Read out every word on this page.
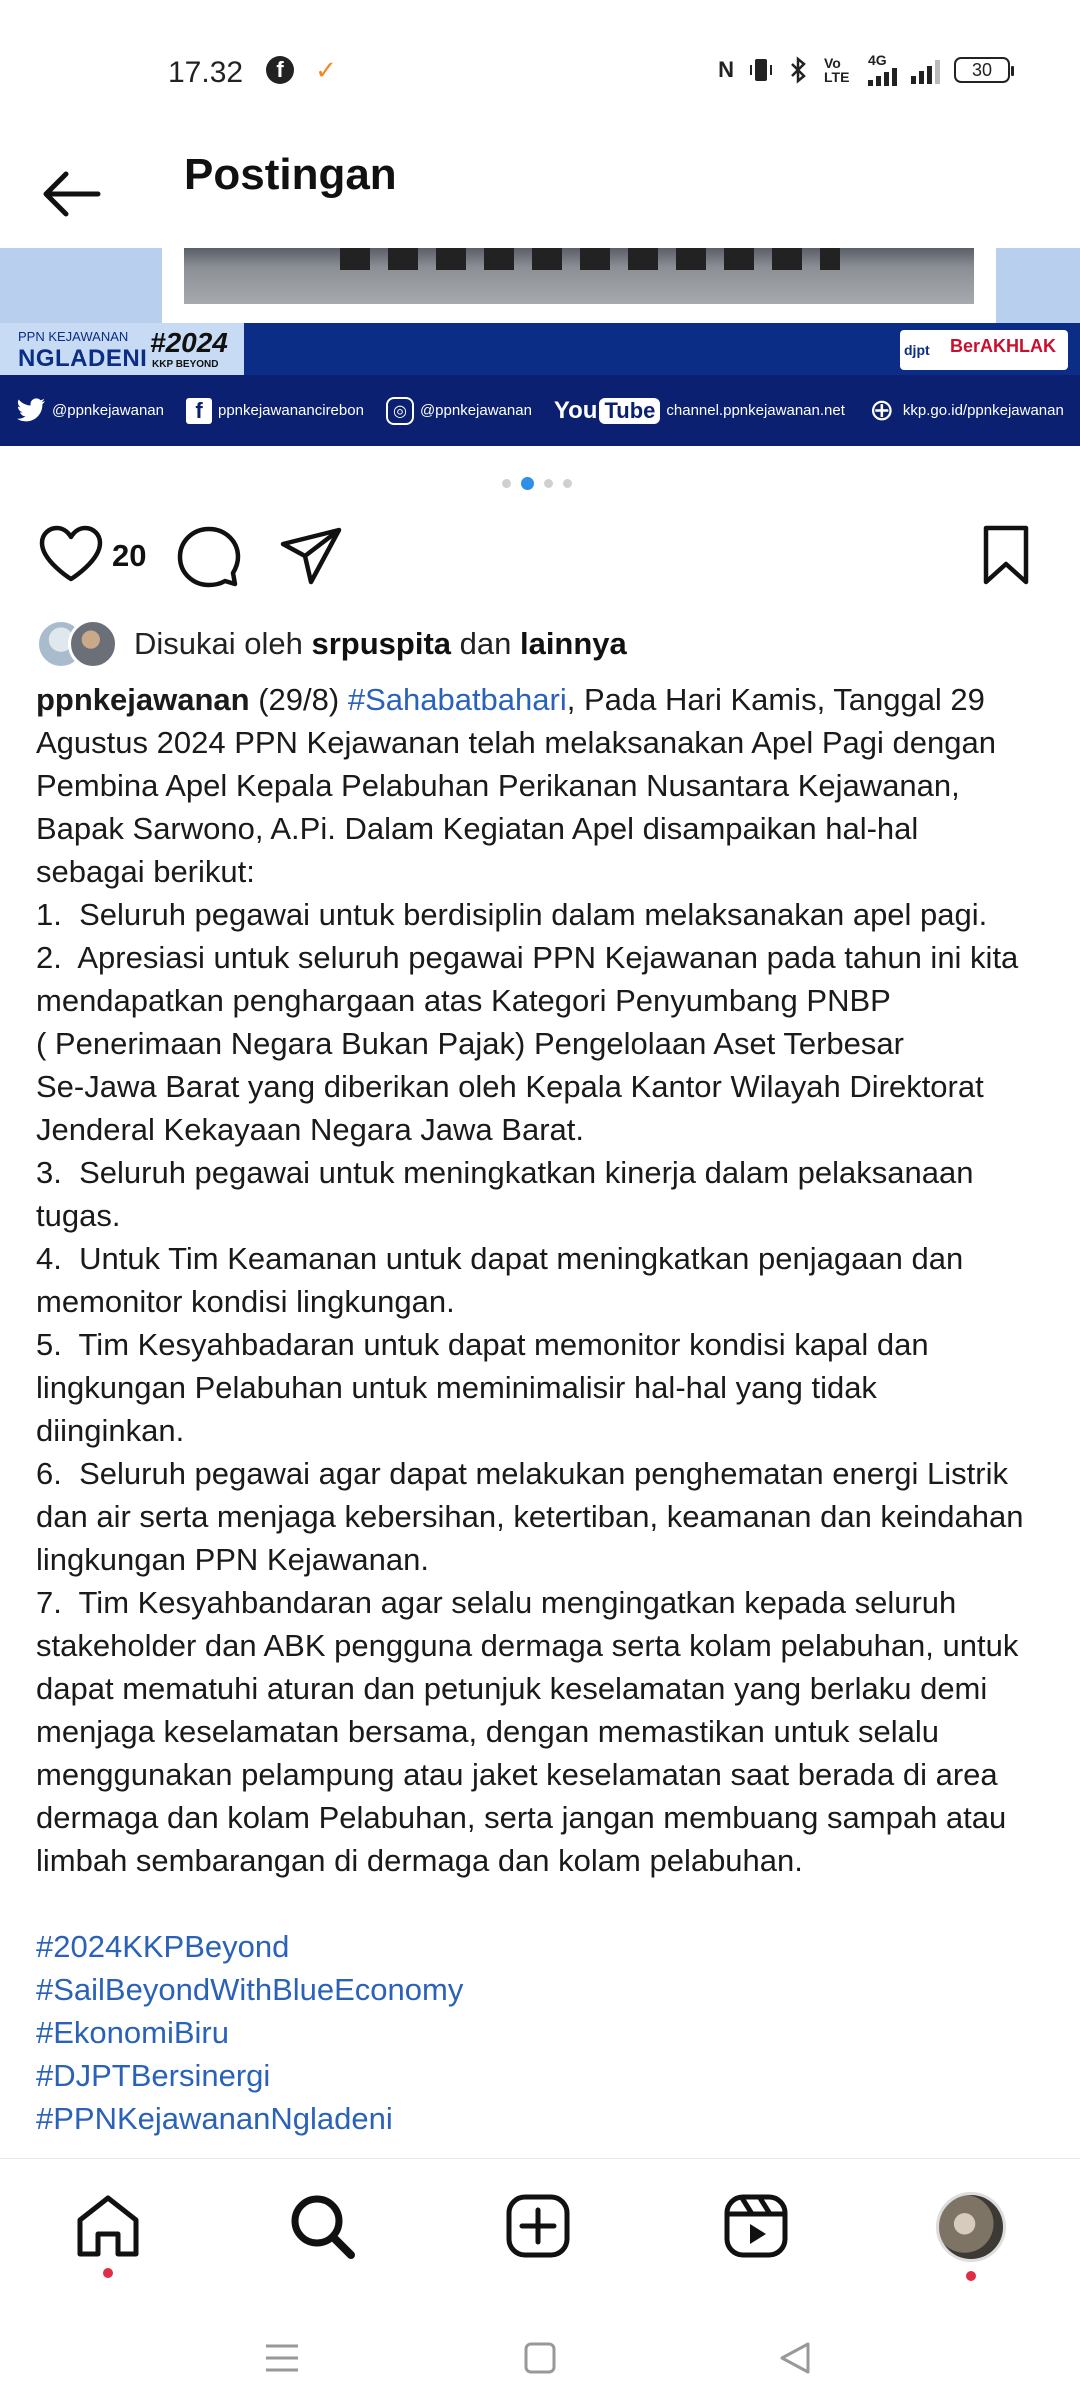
17.32	f	✓	N	Vo LTE
4G	30
Postingan
PPN KEJAWANAN
NGLADENI
#2024
KKP BEYOND
djpt BerAKHLAK
@ppnkejawanan	f	ppnkejawanancirebon	◎ @ppnkejawanan You Tube channel.ppnkejawanan.net ⊕ kkp.go.id/ppnkejawanan
20
Disukai oleh srpuspita dan lainnya
ppnkejawanan (29/8) #Sahabatbahari, Pada Hari Kamis, Tanggal 29
Agustus 2024 PPN Kejawanan telah melaksanakan Apel Pagi dengan
Pembina Apel Kepala Pelabuhan Perikanan Nusantara Kejawanan,
Bapak Sarwono, A.Pi. Dalam Kegiatan Apel disampaikan hal-hal
sebagai berikut:
1.  Seluruh pegawai untuk berdisiplin dalam melaksanakan apel pagi.
2.  Apresiasi untuk seluruh pegawai PPN Kejawanan pada tahun ini kita
mendapatkan penghargaan atas Kategori Penyumbang PNBP
( Penerimaan Negara Bukan Pajak) Pengelolaan Aset Terbesar
Se-Jawa Barat yang diberikan oleh Kepala Kantor Wilayah Direktorat
Jenderal Kekayaan Negara Jawa Barat.
3.  Seluruh pegawai untuk meningkatkan kinerja dalam pelaksanaan
tugas.
4.  Untuk Tim Keamanan untuk dapat meningkatkan penjagaan dan
memonitor kondisi lingkungan.
5.  Tim Kesyahbadaran untuk dapat memonitor kondisi kapal dan
lingkungan Pelabuhan untuk meminimalisir hal-hal yang tidak
diinginkan.
6.  Seluruh pegawai agar dapat melakukan penghematan energi Listrik
dan air serta menjaga kebersihan, ketertiban, keamanan dan keindahan
lingkungan PPN Kejawanan.
7.  Tim Kesyahbandaran agar selalu mengingatkan kepada seluruh
stakeholder dan ABK pengguna dermaga serta kolam pelabuhan, untuk
dapat mematuhi aturan dan petunjuk keselamatan yang berlaku demi
menjaga keselamatan bersama, dengan memastikan untuk selalu
menggunakan pelampung atau jaket keselamatan saat berada di area
dermaga dan kolam Pelabuhan, serta jangan membuang sampah atau
limbah sembarangan di dermaga dan kolam pelabuhan.
#2024KKPBeyond
#SailBeyondWithBlueEconomy
#EkonomiBiru
#DJPTBersinergi
#PPNKejawananNgladeni
